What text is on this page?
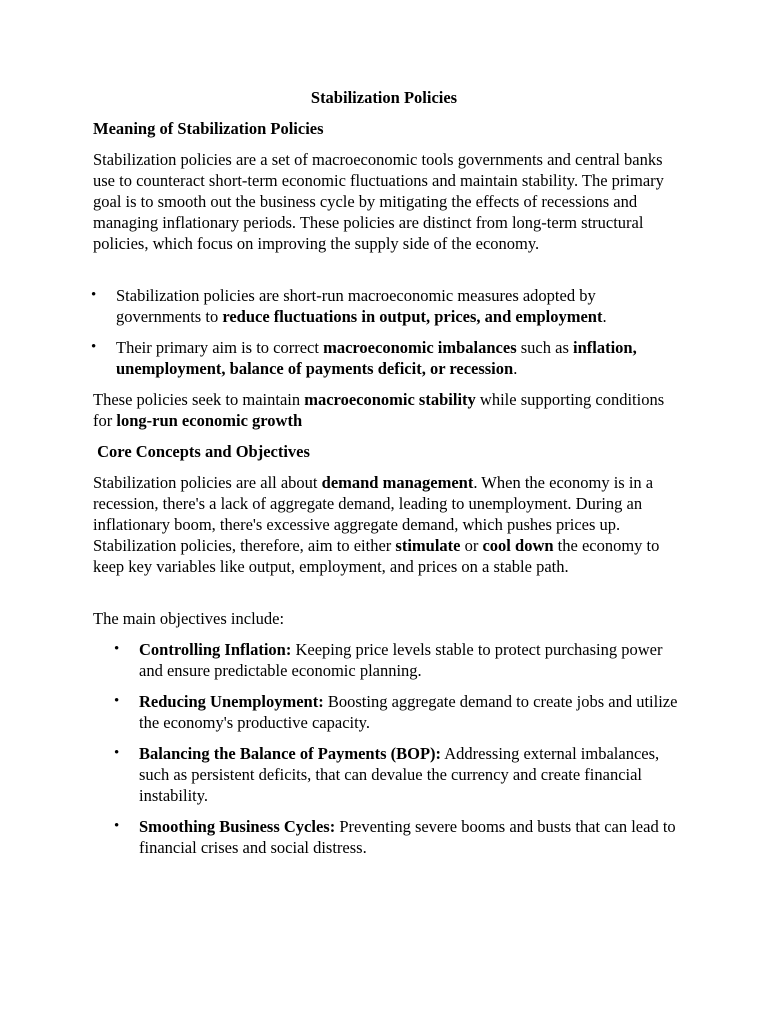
Stabilization Policies
Meaning of Stabilization Policies

Stabilization policies are a set of macroeconomic tools governments and central banks use to counteract short-term economic fluctuations and maintain stability. The primary goal is to smooth out the business cycle by mitigating the effects of recessions and managing inflationary periods. These policies are distinct from long-term structural policies, which focus on improving the supply side of the economy.

• Stabilization policies are short-run macroeconomic measures adopted by governments to reduce fluctuations in output, prices, and employment.
• Their primary aim is to correct macroeconomic imbalances such as inflation, unemployment, balance of payments deficit, or recession.

These policies seek to maintain macroeconomic stability while supporting conditions for long-run economic growth

Core Concepts and Objectives

Stabilization policies are all about demand management. When the economy is in a recession, there's a lack of aggregate demand, leading to unemployment. During an inflationary boom, there's excessive aggregate demand, which pushes prices up. Stabilization policies, therefore, aim to either stimulate or cool down the economy to keep key variables like output, employment, and prices on a stable path.

The main objectives include:

• Controlling Inflation: Keeping price levels stable to protect purchasing power and ensure predictable economic planning.
• Reducing Unemployment: Boosting aggregate demand to create jobs and utilize the economy's productive capacity.
• Balancing the Balance of Payments (BOP): Addressing external imbalances, such as persistent deficits, that can devalue the currency and create financial instability.
• Smoothing Business Cycles: Preventing severe booms and busts that can lead to financial crises and social distress.
